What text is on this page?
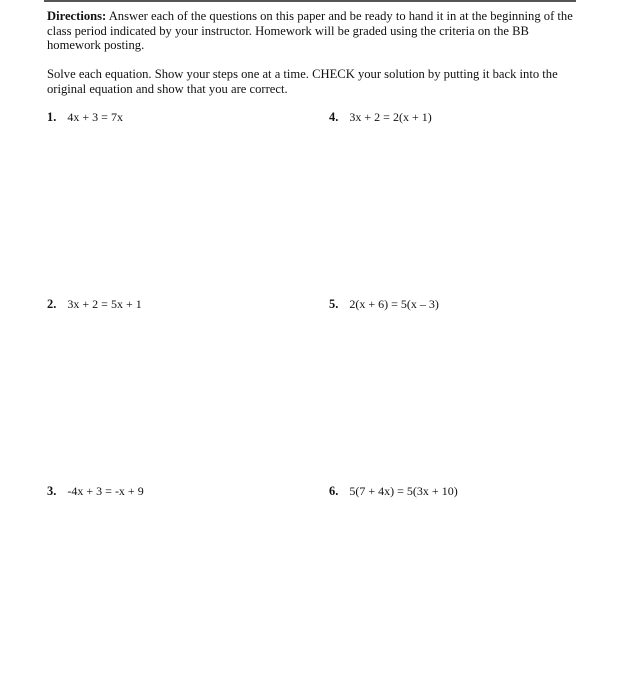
Directions: Answer each of the questions on this paper and be ready to hand it in at the beginning of the class period indicated by your instructor. Homework will be graded using the criteria on the BB homework posting.

Solve each equation. Show your steps one at a time. CHECK your solution by putting it back into the original equation and show that you are correct.

1. 4x + 3 = 7x
2. 3x + 2 = 5x + 1
3. -4x + 3 = -x + 9
4. 3x + 2 = 2(x + 1)
5. 2(x + 6) = 5(x – 3)
6. 5(7 + 4x) = 5(3x + 10)
